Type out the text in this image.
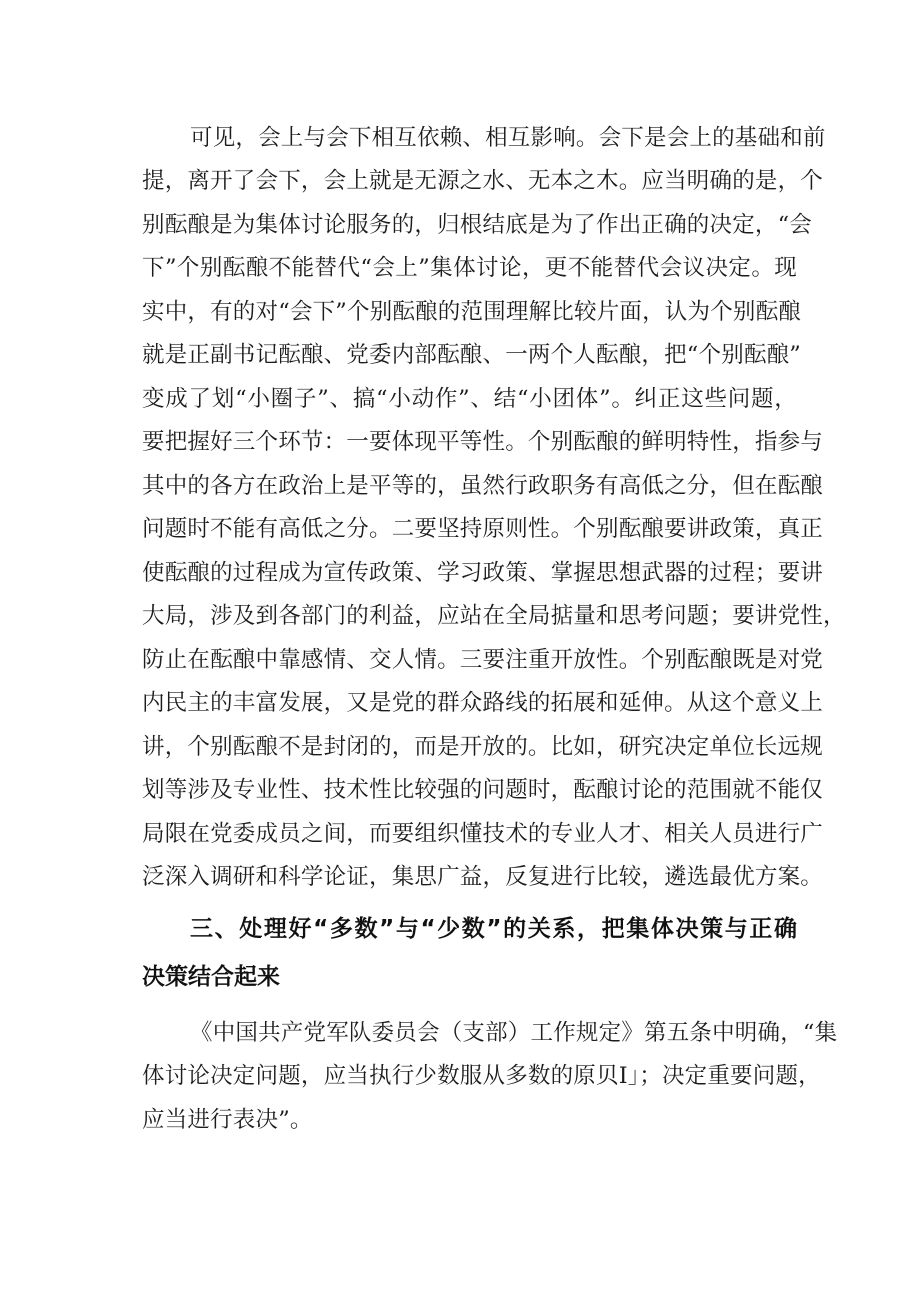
可见，会上与会下相互依赖、相互影响。会下是会上的基础和前
提，离开了会下，会上就是无源之水、无本之木。应当明确的是，个
别酝酿是为集体讨论服务的，归根结底是为了作出正确的决定，“会
下”个别酝酿不能替代“会上”集体讨论，更不能替代会议决定。现
实中，有的对“会下”个别酝酿的范围理解比较片面，认为个别酝酿
就是正副书记酝酿、党委内部酝酿、一两个人酝酿，把“个别酝酿”
变成了划“小圈子”、搞“小动作”、结“小团体”。纠正这些问题，
要把握好三个环节：一要体现平等性。个别酝酿的鲜明特性，指参与
其中的各方在政治上是平等的，虽然行政职务有高低之分，但在酝酿
问题时不能有高低之分。二要坚持原则性。个别酝酿要讲政策，真正
使酝酿的过程成为宣传政策、学习政策、掌握思想武器的过程；要讲
大局，涉及到各部门的利益，应站在全局掂量和思考问题；要讲党性，
防止在酝酿中靠感情、交人情。三要注重开放性。个别酝酿既是对党
内民主的丰富发展，又是党的群众路线的拓展和延伸。从这个意义上
讲，个别酝酿不是封闭的，而是开放的。比如，研究决定单位长远规
划等涉及专业性、技术性比较强的问题时，酝酿讨论的范围就不能仅
局限在党委成员之间，而要组织懂技术的专业人才、相关人员进行广
泛深入调研和科学论证，集思广益，反复进行比较，遴选最优方案。
三、处理好“多数”与“少数”的关系，把集体决策与正确
决策结合起来
《中国共产党军队委员会（支部）工作规定》第五条中明确，“集
体讨论决定问题，应当执行少数服从多数的原贝I」；决定重要问题，
应当进行表决”。
